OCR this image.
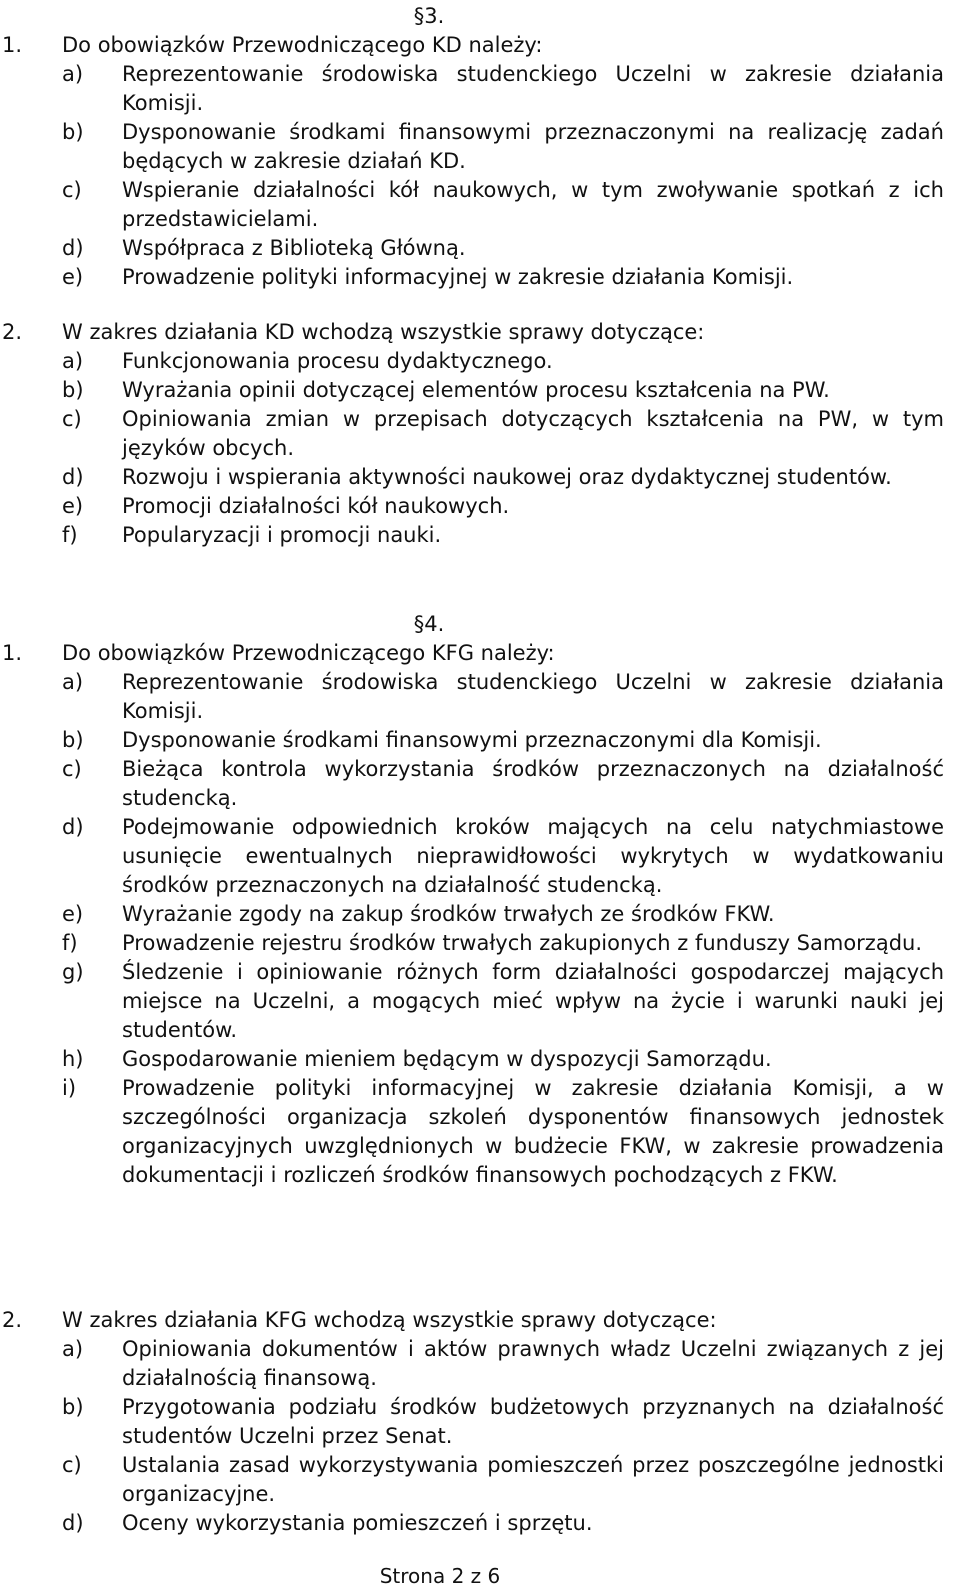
§3.
1.	Do obowiązków Przewodniczącego KD należy:
a)	Reprezentowanie środowiska studenckiego Uczelni w zakresie działania Komisji.
b)	Dysponowanie środkami finansowymi przeznaczonymi na realizację zadań będących w zakresie działań KD.
c)	Wspieranie działalności kół naukowych, w tym zwoływanie spotkań z ich przedstawicielami.
d)	Współpraca z Biblioteką Główną.
e)	Prowadzenie polityki informacyjnej w zakresie działania Komisji.
2.	W zakres działania KD wchodzą wszystkie sprawy dotyczące:
a)	Funkcjonowania procesu dydaktycznego.
b)	Wyrażania opinii dotyczącej elementów procesu kształcenia na PW.
c)	Opiniowania zmian w przepisach dotyczących kształcenia na PW, w tym języków obcych.
d)	Rozwoju i wspierania aktywności naukowej oraz dydaktycznej studentów.
e)	Promocji działalności kół naukowych.
f)	Popularyzacji i promocji nauki.
§4.
1.	Do obowiązków Przewodniczącego KFG należy:
a)	Reprezentowanie środowiska studenckiego Uczelni w zakresie działania Komisji.
b)	Dysponowanie środkami finansowymi przeznaczonymi dla Komisji.
c)	Bieżąca kontrola wykorzystania środków przeznaczonych na działalność studencką.
d)	Podejmowanie odpowiednich kroków mających na celu natychmiastowe usunięcie ewentualnych nieprawidłowości wykrytych w wydatkowaniu środków przeznaczonych na działalność studencką.
e)	Wyrażanie zgody na zakup środków trwałych ze środków FKW.
f)	Prowadzenie rejestru środków trwałych zakupionych z funduszy Samorządu.
g)	Śledzenie i opiniowanie różnych form działalności gospodarczej mających miejsce na Uczelni, a mogących mieć wpływ na życie i warunki nauki jej studentów.
h)	Gospodarowanie mieniem będącym w dyspozycji Samorządu.
i)	Prowadzenie polityki informacyjnej w zakresie działania Komisji, a w szczególności organizacja szkoleń dysponentów finansowych jednostek organizacyjnych uwzględnionych w budżecie FKW, w zakresie prowadzenia dokumentacji i rozliczeń środków finansowych pochodzących z FKW.
2.	W zakres działania KFG wchodzą wszystkie sprawy dotyczące:
a)	Opiniowania dokumentów i aktów prawnych władz Uczelni związanych z jej działalnością finansową.
b)	Przygotowania podziału środków budżetowych przyznanych na działalność studentów Uczelni przez Senat.
c)	Ustalania zasad wykorzystywania pomieszczeń przez poszczególne jednostki organizacyjne.
d)	Oceny wykorzystania pomieszczeń i sprzętu.
Strona 2 z 6
